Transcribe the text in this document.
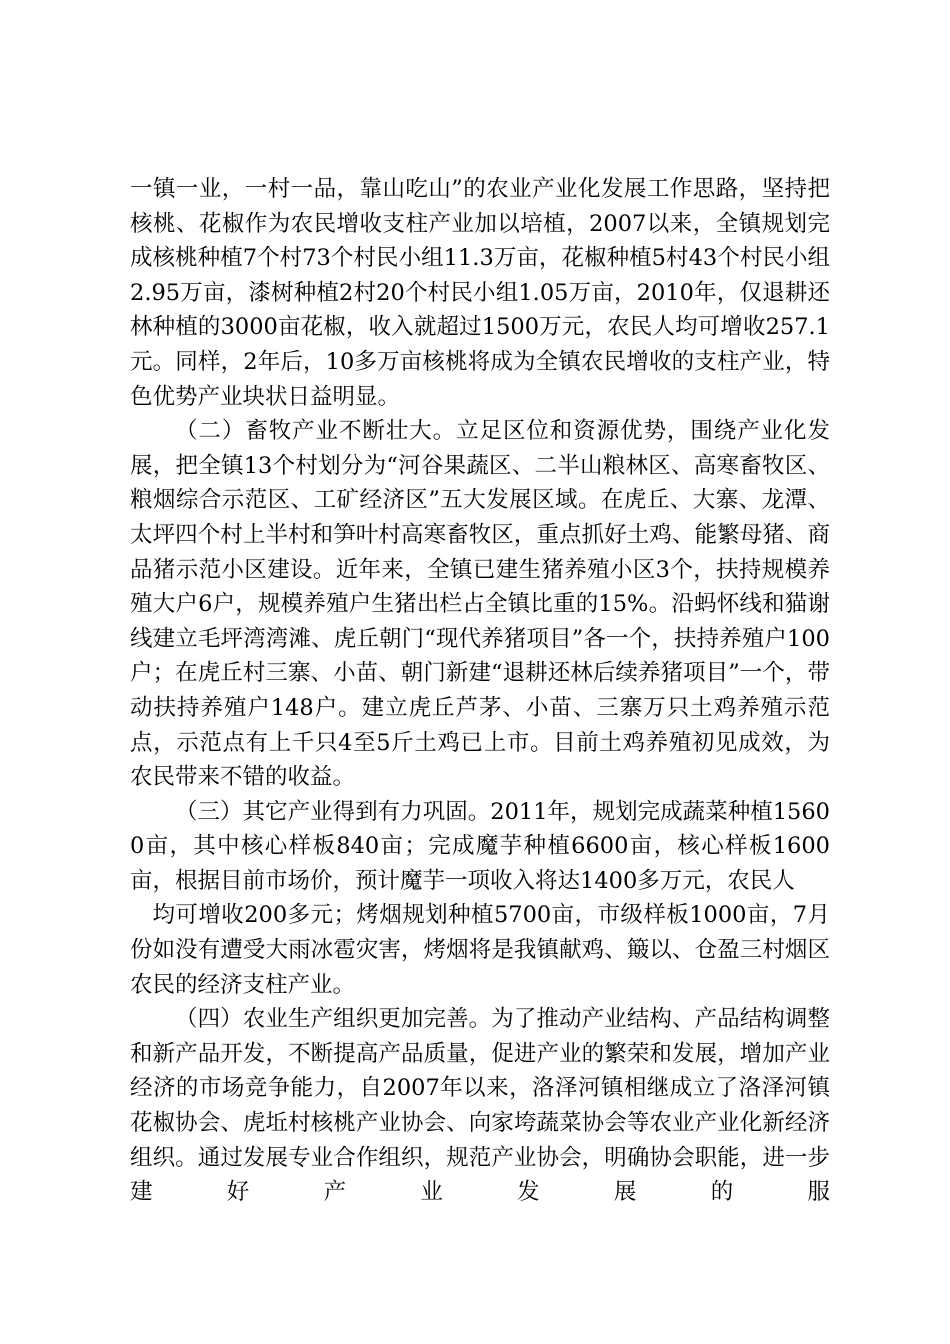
一镇一业，一村一品，靠山吃山”的农业产业化发展工作思路，坚持把核桃、花椒作为农民增收支柱产业加以培植，2007以来，全镇规划完成核桃种植7个村73个村民小组11.3万亩，花椒种植5村43个村民小组2.95万亩，漆树种植2村20个村民小组1.05万亩，2010年，仅退耕还林种植的3000亩花椒，收入就超过1500万元，农民人均可增收257.1元。同样，2年后，10多万亩核桃将成为全镇农民增收的支柱产业，特色优势产业块状日益明显。

（二）畜牧产业不断壮大。立足区位和资源优势，围绕产业化发展，把全镇13个村划分为“河谷果蔬区、二半山粮林区、高寒畜牧区、粮烟综合示范区、工矿经济区”五大发展区域。在虎丘、大寨、龙潭、太坪四个村上半村和笋叶村高寒畜牧区，重点抓好土鸡、能繁母猪、商品猪示范小区建设。近年来，全镇已建生猪养殖小区3个，扶持规模养殖大户6户，规模养殖户生猪出栏占全镇比重的15%。沿蚂怀线和猫谢线建立毛坪湾湾滩、虎丘朝门“现代养猪项目”各一个，扶持养殖户100户；在虎丘村三寨、小苗、朝门新建“退耕还林后续养猪项目”一个，带动扶持养殖户148户。建立虎丘芦茅、小苗、三寨万只土鸡养殖示范点，示范点有上千只4至5斤土鸡已上市。目前土鸡养殖初见成效，为农民带来不错的收益。

（三）其它产业得到有力巩固。2011年，规划完成蔬菜种植15600亩，其中核心样板840亩；完成魔芋种植6600亩，核心样板1600亩，根据目前市场价，预计魔芋一项收入将达1400多万元，农民人

均可增收200多元；烤烟规划种植5700亩，市级样板1000亩，7月份如没有遭受大雨冰雹灾害，烤烟将是我镇献鸡、簸以、仓盈三村烟区农民的经济支柱产业。

（四）农业生产组织更加完善。为了推动产业结构、产品结构调整和新产品开发，不断提高产品质量，促进产业的繁荣和发展，增加产业经济的市场竞争能力，自2007年以来，洛泽河镇相继成立了洛泽河镇花椒协会、虎坵村核桃产业协会、向家垮蔬菜协会等农业产业化新经济组织。通过发展专业合作组织，规范产业协会，明确协会职能，进一步建好产业发展的服
